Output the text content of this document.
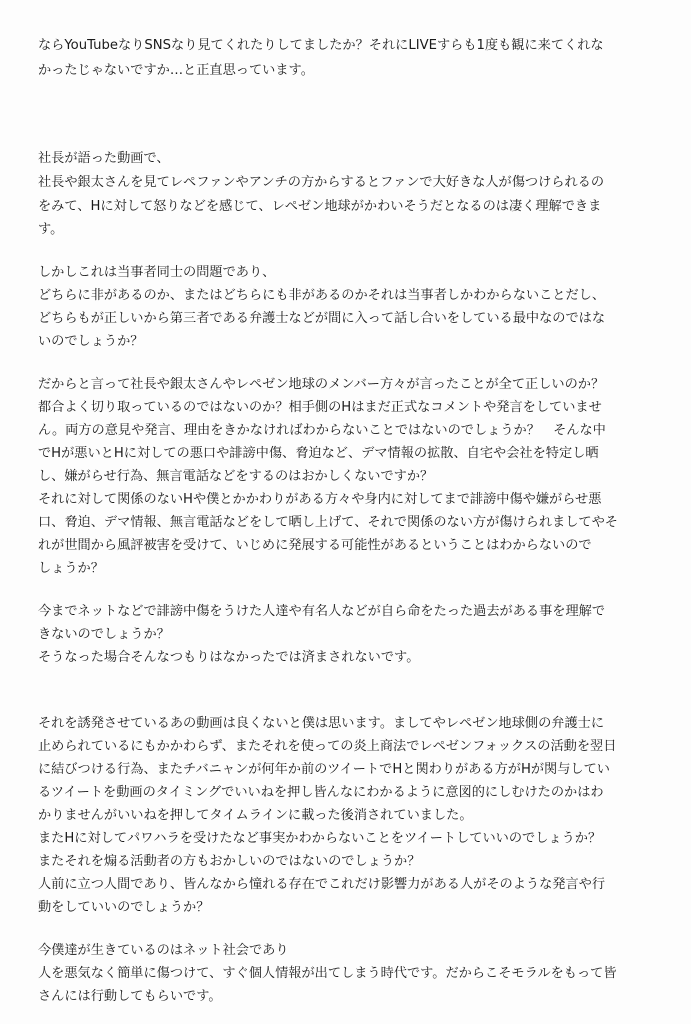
ならYouTubeなりSNSなり見てくれたりしてましたか？それにLIVEすらも1度も観に来てくれな
かったじゃないですか…と正直思っています。
社長が語った動画で、
社長や銀太さんを見てレペファンやアンチの方からするとファンで大好きな人が傷つけられるの
をみて、Hに対して怒りなどを感じて、レペゼン地球がかわいそうだとなるのは凄く理解できま
す。
しかしこれは当事者同士の問題であり、
どちらに非があるのか、またはどちらにも非があるのかそれは当事者しかわからないことだし、
どちらもが正しいから第三者である弁護士などが間に入って話し合いをしている最中なのではな
いのでしょうか？
だからと言って社長や銀太さんやレペゼン地球のメンバー方々が言ったことが全て正しいのか？
都合よく切り取っているのではないのか？相手側のHはまだ正式なコメントや発言をしていませ
ん。両方の意見や発言、理由をきかなければわからないことではないのでしょうか？　そんな中
でHが悪いとHに対しての悪口や誹謗中傷、脅迫など、デマ情報の拡散、自宅や会社を特定し晒
し、嫌がらせ行為、無言電話などをするのはおかしくないですか？
それに対して関係のないHや僕とかかわりがある方々や身内に対してまで誹謗中傷や嫌がらせ悪
口、脅迫、デマ情報、無言電話などをして晒し上げて、それで関係のない方が傷けられましてやそ
れが世間から風評被害を受けて、いじめに発展する可能性があるということはわからないので
しょうか？
今までネットなどで誹謗中傷をうけた人達や有名人などが自ら命をたった過去がある事を理解で
きないのでしょうか？
そうなった場合そんなつもりはなかったでは済まされないです。
それを誘発させているあの動画は良くないと僕は思います。ましてやレペゼン地球側の弁護士に
止められているにもかかわらず、またそれを使っての炎上商法でレペゼンフォックスの活動を翌日
に結びつける行為、またチバニャンが何年か前のツイートでHと関わりがある方がHが関与してい
るツイートを動画のタイミングでいいねを押し皆んなにわかるように意図的にしむけたのかはわ
かりませんがいいねを押してタイムラインに載った後消されていました。
またHに対してパワハラを受けたなど事実かわからないことをツイートしていいのでしょうか？
またそれを煽る活動者の方もおかしいのではないのでしょうか？
人前に立つ人間であり、皆んなから憧れる存在でこれだけ影響力がある人がそのような発言や行
動をしていいのでしょうか？
今僕達が生きているのはネット社会であり
人を悪気なく簡単に傷つけて、すぐ個人情報が出てしまう時代です。だからこそモラルをもって皆
さんには行動してもらいです。
